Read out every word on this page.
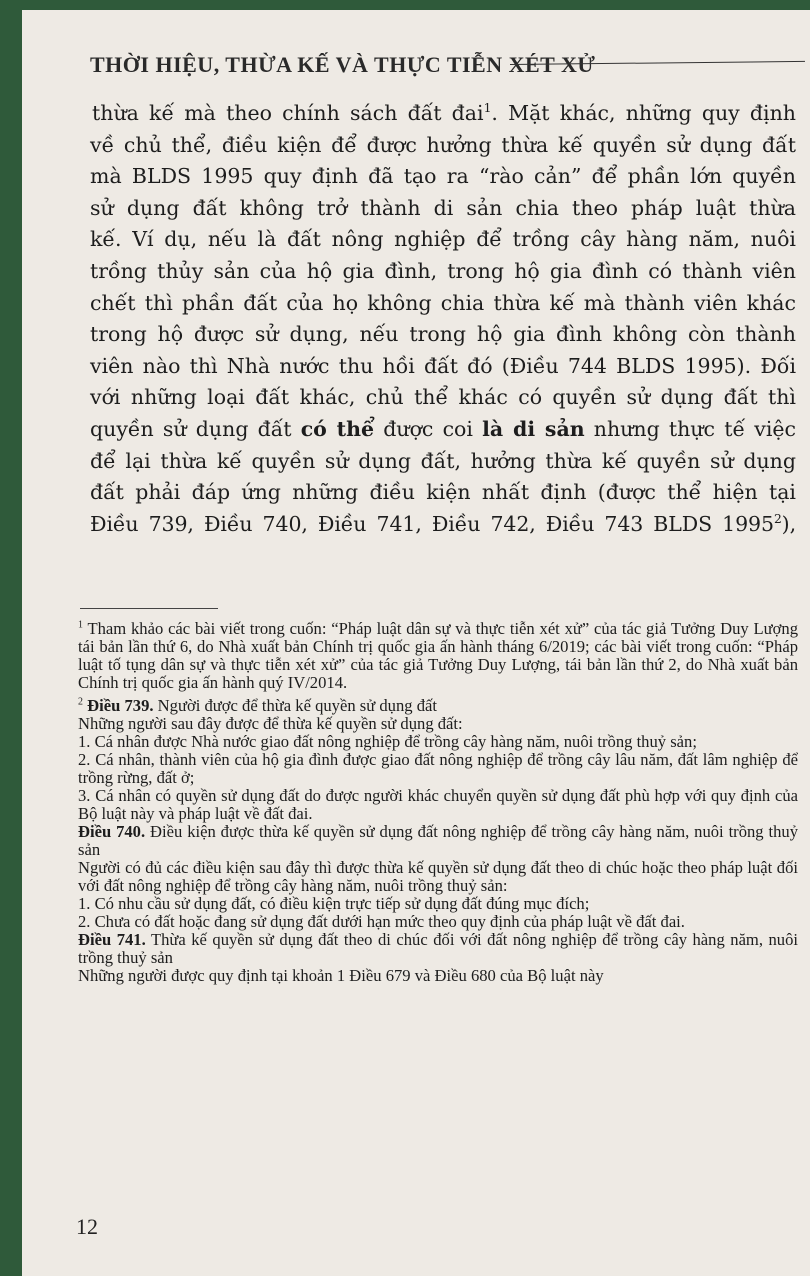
THỜI HIỆU, THỪA KẾ VÀ THỰC TIỄN XÉT XỬ
thừa kế mà theo chính sách đất đai$^1$. Mặt khác, những quy định
về chủ thể, điều kiện để được hưởng thừa kế quyền sử dụng đất
mà BLDS 1995 quy định đã tạo ra “rào cản” để phần lớn quyền
sử dụng đất không trở thành di sản chia theo pháp luật thừa
kế. Ví dụ, nếu là đất nông nghiệp để trồng cây hàng năm, nuôi
trồng thủy sản của hộ gia đình, trong hộ gia đình có thành viên
chết thì phần đất của họ không chia thừa kế mà thành viên khác
trong hộ được sử dụng, nếu trong hộ gia đình không còn thành
viên nào thì Nhà nước thu hồi đất đó (Điều 744 BLDS 1995). Đối
với những loại đất khác, chủ thể khác có quyền sử dụng đất thì
quyền sử dụng đất có thể được coi là di sản nhưng thực tế việc
để lại thừa kế quyền sử dụng đất, hưởng thừa kế quyền sử dụng
đất phải đáp ứng những điều kiện nhất định (được thể hiện tại
Điều 739, Điều 740, Điều 741, Điều 742, Điều 743 BLDS 1995$^2$),

$^1$ Tham khảo các bài viết trong cuốn: “Pháp luật dân sự và thực tiễn xét xử” của tác giả Tưởng Duy Lượng tái bản lần thứ 6, do Nhà xuất bản Chính trị quốc gia ấn hành tháng 6/2019; các bài viết trong cuốn: “Pháp luật tố tụng dân sự và thực tiễn xét xử” của tác giả Tưởng Duy Lượng, tái bản lần thứ 2, do Nhà xuất bản Chính trị quốc gia ấn hành quý IV/2014.

$^2$ Điều 739. Người được để thừa kế quyền sử dụng đất

Những người sau đây được để thừa kế quyền sử dụng đất:

1. Cá nhân được Nhà nước giao đất nông nghiệp để trồng cây hàng năm, nuôi trồng thuỷ sản;

2. Cá nhân, thành viên của hộ gia đình được giao đất nông nghiệp để trồng cây lâu năm, đất lâm nghiệp để trồng rừng, đất ở;

3. Cá nhân có quyền sử dụng đất do được người khác chuyển quyền sử dụng đất phù hợp với quy định của Bộ luật này và pháp luật về đất đai.

Điều 740. Điều kiện được thừa kế quyền sử dụng đất nông nghiệp để trồng cây hàng năm, nuôi trồng thuỷ sản

Người có đủ các điều kiện sau đây thì được thừa kế quyền sử dụng đất theo di chúc hoặc theo pháp luật đối với đất nông nghiệp để trồng cây hàng năm, nuôi trồng thuỷ sản:

1. Có nhu cầu sử dụng đất, có điều kiện trực tiếp sử dụng đất đúng mục đích;

2. Chưa có đất hoặc đang sử dụng đất dưới hạn mức theo quy định của pháp luật về đất đai.

Điều 741. Thừa kế quyền sử dụng đất theo di chúc đối với đất nông nghiệp để trồng cây hàng năm, nuôi trồng thuỷ sản

Những người được quy định tại khoản 1 Điều 679 và Điều 680 của Bộ luật này

12
